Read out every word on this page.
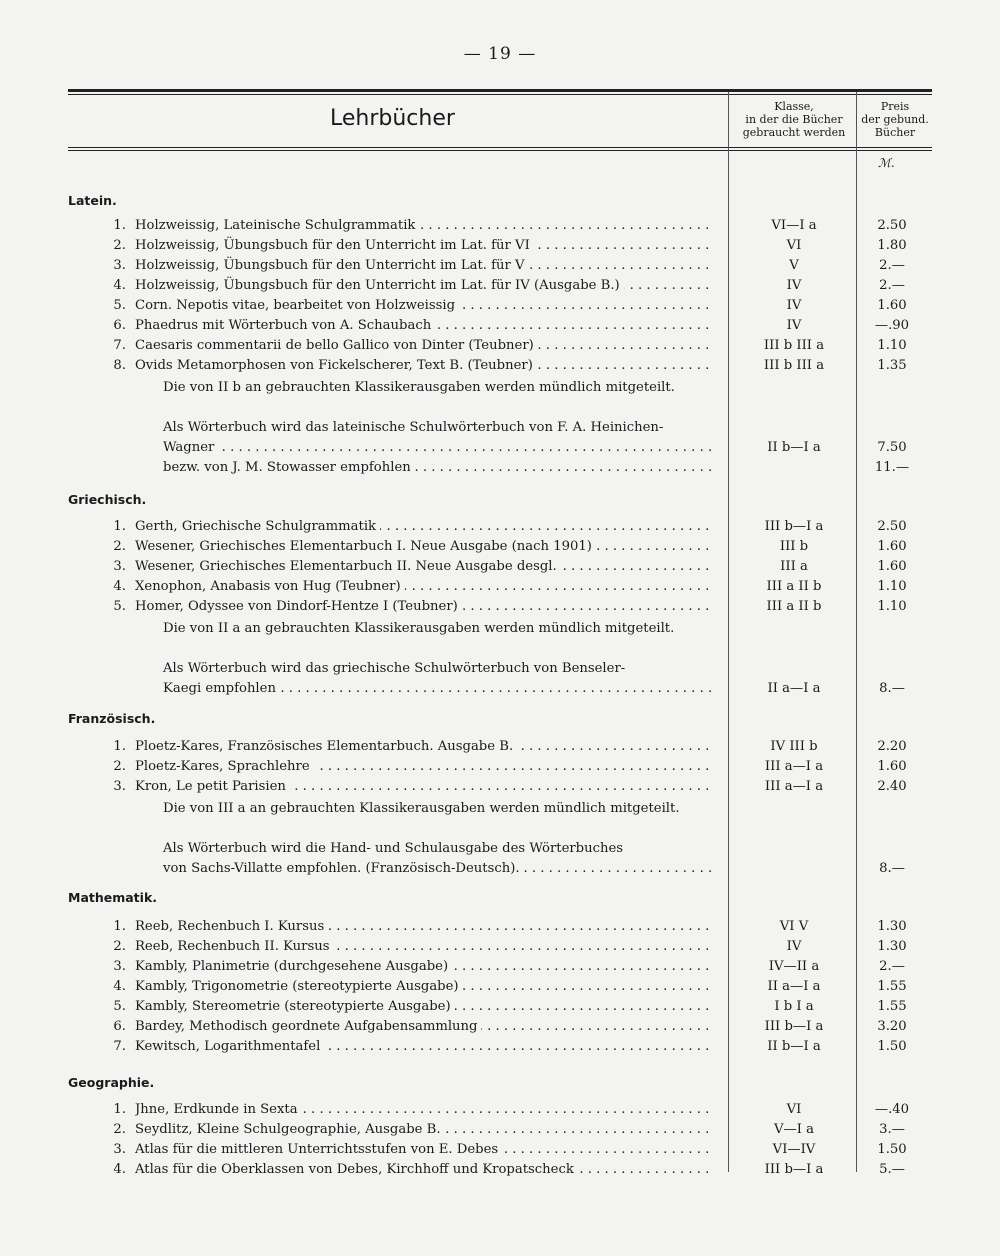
— 19 —
Lehrbücher	Klasse,
in der die Bücher
gebraucht werden
Preis
der gebund.
Bücher
ℳ.
Latein.
1. Holzweissig, Lateinische Schulgrammatik . . .	VI—I a	2.50
2. Holzweissig, Übungsbuch für den Unterricht im Lat. für VI . . .	VI	1.80
3. Holzweissig, Übungsbuch für den Unterricht im Lat. für V . . .	V	2.—
4. Holzweissig, Übungsbuch für den Unterricht im Lat. für IV (Ausgabe B.) . . .	IV	2.—
5. Corn. Nepotis vitae, bearbeitet von Holzweissig . . .	IV	1.60
6. Phaedrus mit Wörterbuch von A. Schaubach . . .	IV	—.90
7. Caesaris commentarii de bello Gallico von Dinter (Teubner) . . .	III b III a	1.10
8. Ovids Metamorphosen von Fickelscherer, Text B. (Teubner) . . .	III b III a	1.35
Die von II b an gebrauchten Klassikerausgaben werden mündlich mitgeteilt.
Als Wörterbuch wird das lateinische Schulwörterbuch von F. A. Heinichen-
Wagner . . .	II b—I a	7.50
bezw. von J. M. Stowasser empfohlen . . .	11.—
Griechisch.
1. Gerth, Griechische Schulgrammatik . . .	III b—I a	2.50
2. Wesener, Griechisches Elementarbuch I. Neue Ausgabe (nach 1901) . . .	III b	1.60
3. Wesener, Griechisches Elementarbuch II. Neue Ausgabe desgl. . . .	III a	1.60
4. Xenophon, Anabasis von Hug (Teubner) . . .	III a II b	1.10
5. Homer, Odyssee von Dindorf-Hentze I (Teubner) . . .	III a II b	1.10
Die von II a an gebrauchten Klassikerausgaben werden mündlich mitgeteilt.
Als Wörterbuch wird das griechische Schulwörterbuch von Benseler-
Kaegi empfohlen . . .	II a—I a	8.—
Französisch.
1. Ploetz-Kares, Französisches Elementarbuch. Ausgabe B. . . .	IV III b	2.20
2. Ploetz-Kares, Sprachlehre . . .	III a—I a	1.60
3. Kron, Le petit Parisien . . .	III a—I a	2.40
Die von III a an gebrauchten Klassikerausgaben werden mündlich mitgeteilt.
Als Wörterbuch wird die Hand- und Schulausgabe des Wörterbuches
von Sachs-Villatte empfohlen. (Französisch-Deutsch). . . .	8.—
Mathematik.
1. Reeb, Rechenbuch I. Kursus . . .	VI V	1.30
2. Reeb, Rechenbuch II. Kursus . . .	IV	1.30
3. Kambly, Planimetrie (durchgesehene Ausgabe) . . .	IV—II a	2.—
4. Kambly, Trigonometrie (stereotypierte Ausgabe) . . .	II a—I a	1.55
5. Kambly, Stereometrie (stereotypierte Ausgabe) . . .	I b I a	1.55
6. Bardey, Methodisch geordnete Aufgabensammlung . . .	III b—I a	3.20
7. Kewitsch, Logarithmentafel . . .	II b—I a	1.50
Geographie.
1. Jhne, Erdkunde in Sexta . . .	VI	—.40
2. Seydlitz, Kleine Schulgeographie, Ausgabe B. . . .	V—I a	3.—
3. Atlas für die mittleren Unterrichtsstufen von E. Debes . . .	VI—IV	1.50
4. Atlas für die Oberklassen von Debes, Kirchhoff und Kropatscheck . . .	III b—I a	5.—
